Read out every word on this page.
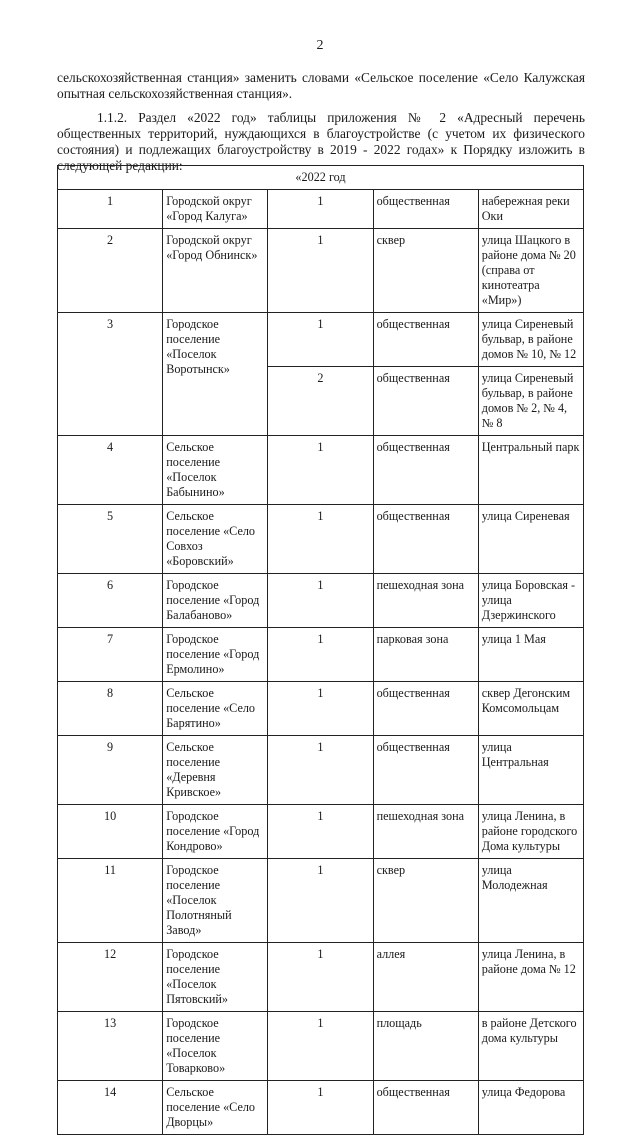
2

сельскохозяйственная станция» заменить словами «Сельское поселение «Село Калужская опытная сельскохозяйственная станция».

1.1.2. Раздел «2022 год» таблицы приложения № 2 «Адресный перечень общественных территорий, нуждающихся в благоустройстве (с учетом их физического состояния) и подлежащих благоустройству в 2019 - 2022 годах» к Порядку изложить в следующей редакции:

«2022 год				
1	Городской округ «Город Калуга»	1	общественная	набережная реки Оки
2	Городской округ «Город Обнинск»	1	сквер	улица Шацкого в районе дома № 20 (справа от кинотеатра «Мир»)
3	Городское поселение «Поселок Воротынск»	1	общественная	улица Сиреневый бульвар, в районе домов № 10, № 12
		2	общественная	улица Сиреневый бульвар, в районе домов № 2, № 4, № 8
4	Сельское поселение «Поселок Бабынино»	1	общественная	Центральный парк
5	Сельское поселение «Село Совхоз «Боровский»	1	общественная	улица Сиреневая
6	Городское поселение «Город Балабаново»	1	пешеходная зона	улица Боровская - улица Дзержинского
7	Городское поселение «Город Ермолино»	1	парковая зона	улица 1 Мая
8	Сельское поселение «Село Барятино»	1	общественная	сквер Дегонским Комсомольцам
9	Сельское поселение «Деревня Кривское»	1	общественная	улица Центральная
10	Городское поселение «Город Кондрово»	1	пешеходная зона	улица Ленина, в районе городского Дома культуры
11	Городское поселение «Поселок Полотняный Завод»	1	сквер	улица Молодежная
12	Городское поселение «Поселок Пятовский»	1	аллея	улица Ленина, в районе дома № 12
13	Городское поселение «Поселок Товарково»	1	площадь	в районе Детского дома культуры
14	Сельское поселение «Село Дворцы»	1	общественная	улица Федорова
